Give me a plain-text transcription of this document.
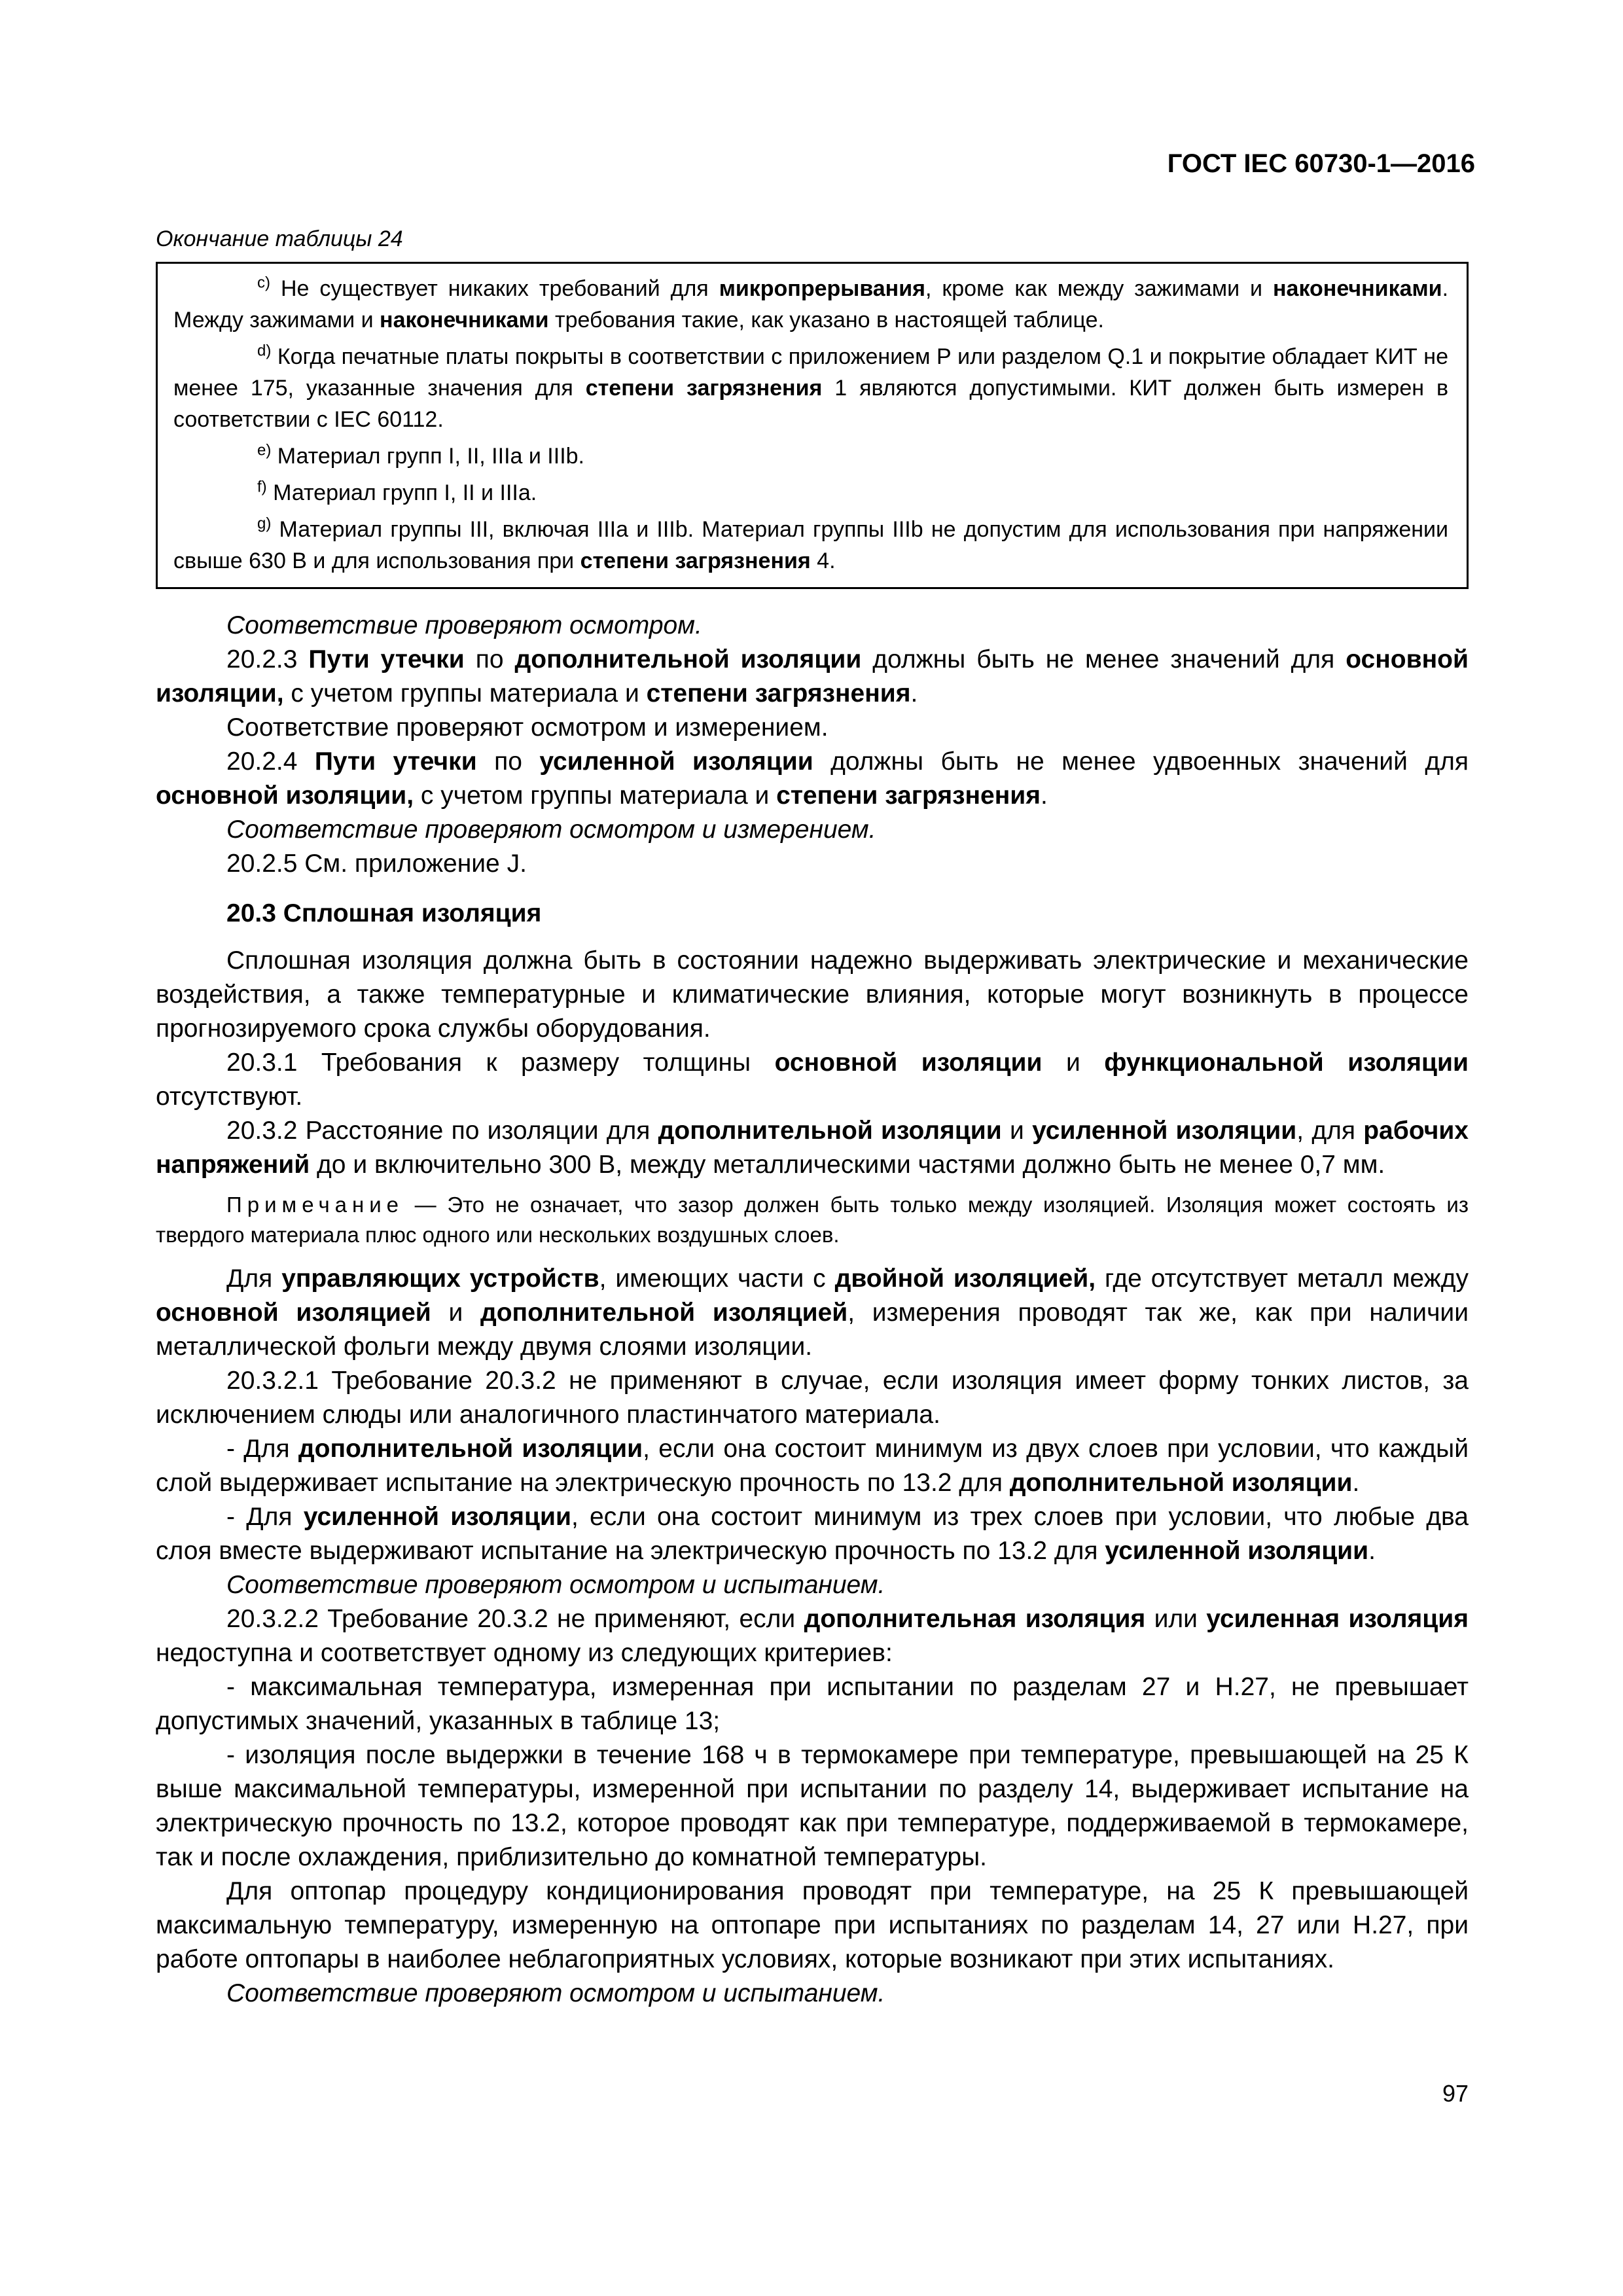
ГОСТ IEC 60730-1—2016
Окончание таблицы 24

$^{c)}$ Не существует никаких требований для микропрерывания, кроме как между зажимами и наконечниками. Между зажимами и наконечниками требования такие, как указано в настоящей таблице.

$^{d)}$ Когда печатные платы покрыты в соответствии с приложением Р или разделом Q.1 и покрытие обладает КИТ не менее 175, указанные значения для степени загрязнения 1 являются допустимыми. КИТ должен быть измерен в соответствии с IEC 60112.

$^{e)}$ Материал групп I, II, IIIa и IIIb.

$^{f)}$ Материал групп I, II и IIIa.

$^{g)}$ Материал группы III, включая IIIa и IIIb. Материал группы IIIb не допустим для использования при напряжении свыше 630 В и для использования при степени загрязнения 4.

Соответствие проверяют осмотром.

20.2.3 Пути утечки по дополнительной изоляции должны быть не менее значений для основной изоляции, с учетом группы материала и степени загрязнения.

Соответствие проверяют осмотром и измерением.

20.2.4 Пути утечки по усиленной изоляции должны быть не менее удвоенных значений для основной изоляции, с учетом группы материала и степени загрязнения.

Соответствие проверяют осмотром и измерением.

20.2.5 См. приложение J.

20.3 Сплошная изоляция

Сплошная изоляция должна быть в состоянии надежно выдерживать электрические и механические воздействия, а также температурные и климатические влияния, которые могут возникнуть в процессе прогнозируемого срока службы оборудования.

20.3.1 Требования к размеру толщины основной изоляции и функциональной изоляции отсутствуют.

20.3.2 Расстояние по изоляции для дополнительной изоляции и усиленной изоляции, для рабочих напряжений до и включительно 300 В, между металлическими частями должно быть не менее 0,7 мм.

Примечание — Это не означает, что зазор должен быть только между изоляцией. Изоляция может состоять из твердого материала плюс одного или нескольких воздушных слоев.

Для управляющих устройств, имеющих части с двойной изоляцией, где отсутствует металл между основной изоляцией и дополнительной изоляцией, измерения проводят так же, как при наличии металлической фольги между двумя слоями изоляции.

20.3.2.1 Требование 20.3.2 не применяют в случае, если изоляция имеет форму тонких листов, за исключением слюды или аналогичного пластинчатого материала.

- Для дополнительной изоляции, если она состоит минимум из двух слоев при условии, что каждый слой выдерживает испытание на электрическую прочность по 13.2 для дополнительной изоляции.

- Для усиленной изоляции, если она состоит минимум из трех слоев при условии, что любые два слоя вместе выдерживают испытание на электрическую прочность по 13.2 для усиленной изоляции.

Соответствие проверяют осмотром и испытанием.

20.3.2.2 Требование 20.3.2 не применяют, если дополнительная изоляция или усиленная изоляция недоступна и соответствует одному из следующих критериев:

- максимальная температура, измеренная при испытании по разделам 27 и Н.27, не превышает допустимых значений, указанных в таблице 13;

- изоляция после выдержки в течение 168 ч в термокамере при температуре, превышающей на 25 К выше максимальной температуры, измеренной при испытании по разделу 14, выдерживает испытание на электрическую прочность по 13.2, которое проводят как при температуре, поддерживаемой в термокамере, так и после охлаждения, приблизительно до комнатной температуры.

Для оптопар процедуру кондиционирования проводят при температуре, на 25 К превышающей максимальную температуру, измеренную на оптопаре при испытаниях по разделам 14, 27 или Н.27, при работе оптопары в наиболее неблагоприятных условиях, которые возникают при этих испытаниях.

Соответствие проверяют осмотром и испытанием.

97
